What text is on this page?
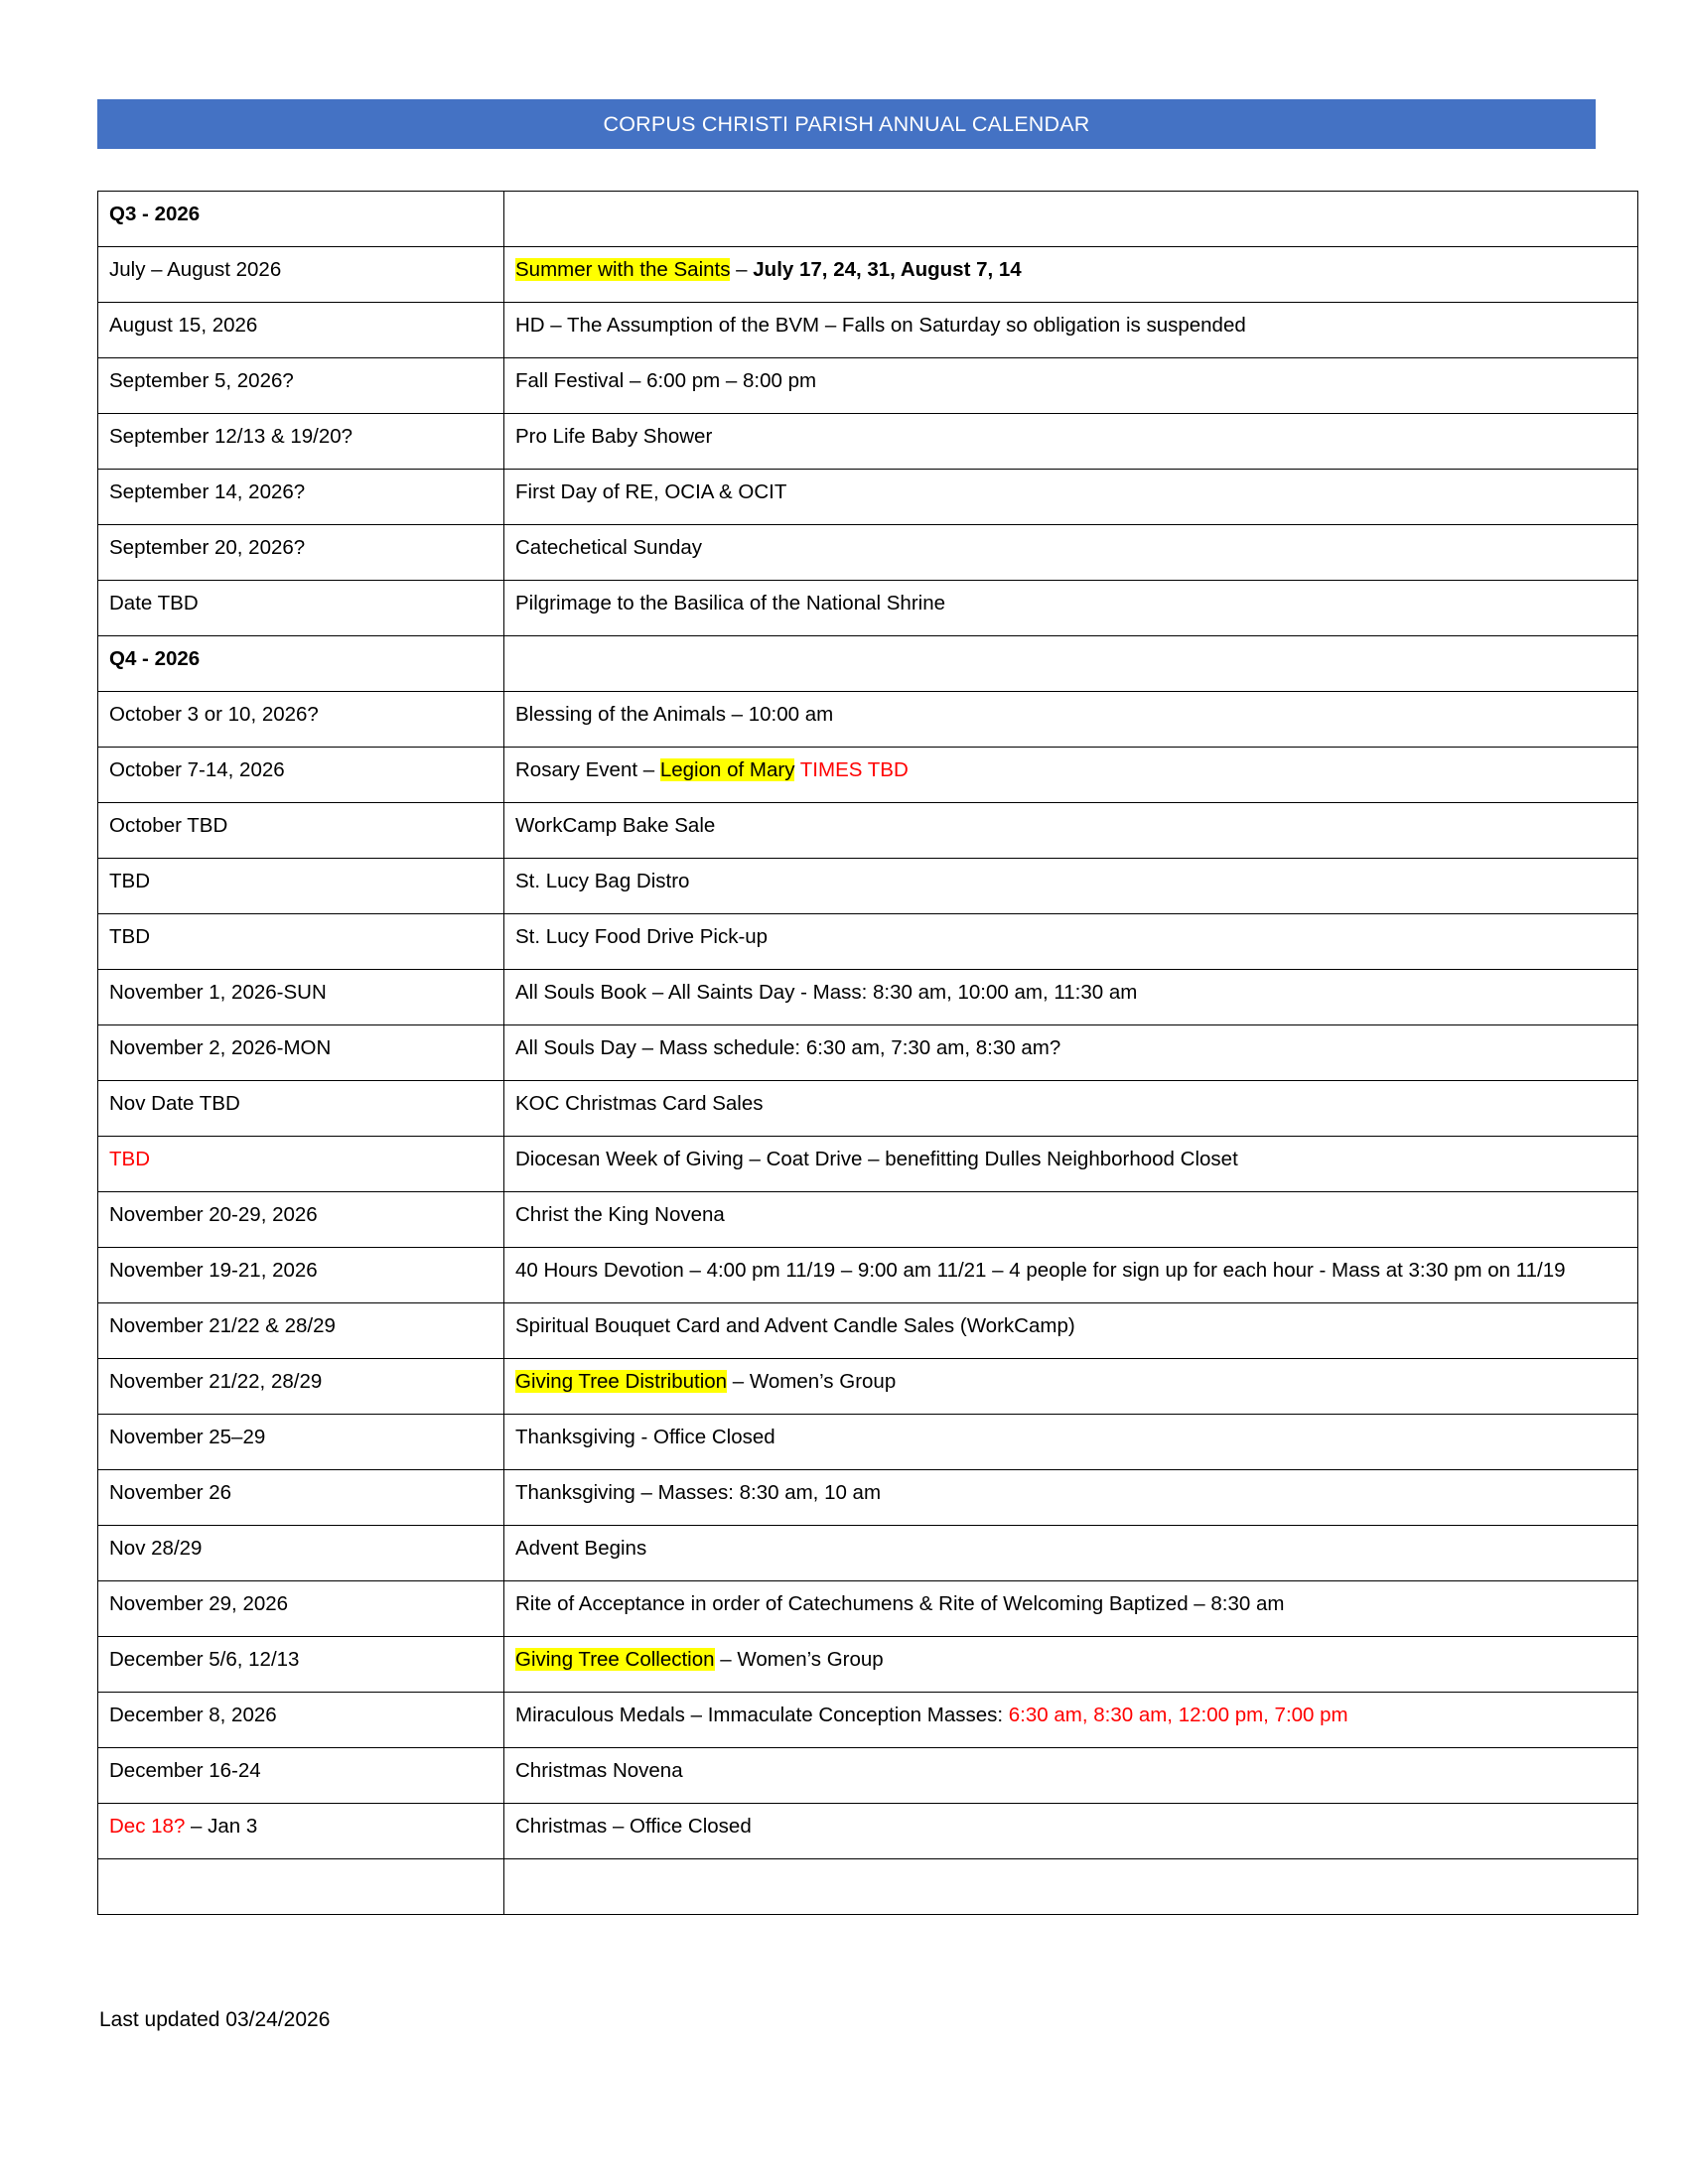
CORPUS CHRISTI PARISH ANNUAL CALENDAR
Q3 - 2026	
July – August 2026	Summer with the Saints – July 17, 24, 31, August 7, 14
August 15, 2026	HD – The Assumption of the BVM – Falls on Saturday so obligation is suspended
September 5, 2026?	Fall Festival – 6:00 pm – 8:00 pm
September 12/13 & 19/20?	Pro Life Baby Shower
September 14, 2026?	First Day of RE, OCIA & OCIT
September 20, 2026?	Catechetical Sunday
Date TBD	Pilgrimage to the Basilica of the National Shrine
Q4 - 2026	
October 3 or 10, 2026?	Blessing of the Animals – 10:00 am
October 7-14, 2026	Rosary Event – Legion of Mary TIMES TBD
October TBD	WorkCamp Bake Sale
TBD	St. Lucy Bag Distro
TBD	St. Lucy Food Drive Pick-up
November 1, 2026-SUN	All Souls Book – All Saints Day - Mass: 8:30 am, 10:00 am, 11:30 am
November 2, 2026-MON	All Souls Day – Mass schedule: 6:30 am, 7:30 am, 8:30 am?
Nov Date TBD	KOC Christmas Card Sales
TBD	Diocesan Week of Giving – Coat Drive – benefitting Dulles Neighborhood Closet
November 20-29, 2026	Christ the King Novena
November 19-21, 2026	40 Hours Devotion – 4:00 pm 11/19 – 9:00 am 11/21 – 4 people for sign up for each hour - Mass at 3:30 pm on 11/19
November 21/22 & 28/29	Spiritual Bouquet Card and Advent Candle Sales (WorkCamp)
November 21/22, 28/29	Giving Tree Distribution – Women’s Group
November 25–29	Thanksgiving - Office Closed
November 26	Thanksgiving – Masses: 8:30 am, 10 am
Nov 28/29	Advent Begins
November 29, 2026	Rite of Acceptance in order of Catechumens & Rite of Welcoming Baptized – 8:30 am
December 5/6, 12/13	Giving Tree Collection – Women’s Group
December 8, 2026	Miraculous Medals – Immaculate Conception Masses: 6:30 am, 8:30 am, 12:00 pm, 7:00 pm
December 16-24	Christmas Novena
Dec 18? – Jan 3	Christmas – Office Closed

Last updated 03/24/2026
